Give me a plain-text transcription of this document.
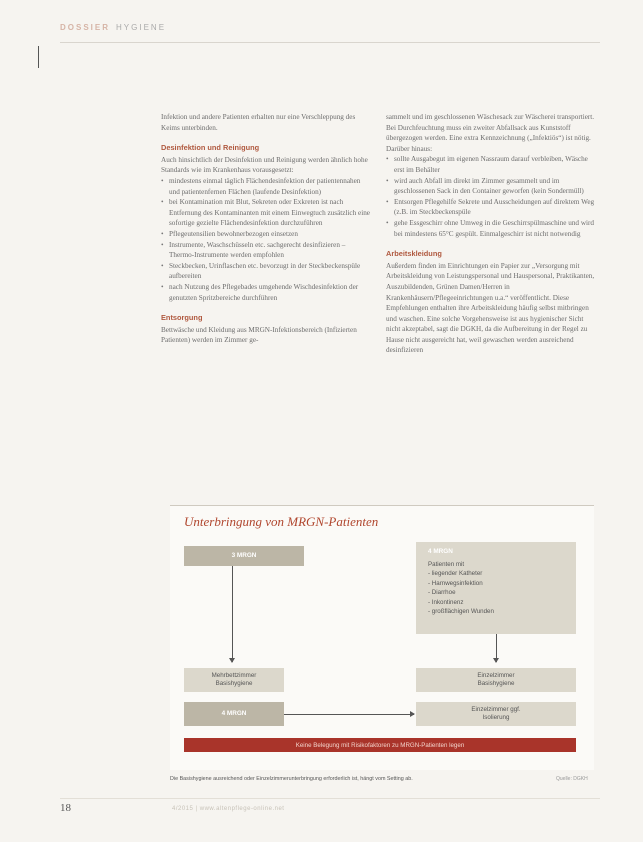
DOSSIER HYGIENE

Infektion und andere Patienten erhalten nur eine Verschleppung des Keims unterbinden.

Desinfektion und Reinigung

Auch hinsichtlich der Desinfektion und Reinigung werden ähnlich hohe Standards wie im Krankenhaus vorausgesetzt:

• mindestens einmal täglich Flächendesinfektion der patientennahen und patientenfernen Flächen (laufende Desinfektion)
• bei Kontamination mit Blut, Sekreten oder Exkreten ist nach Entfernung des Kontaminanten mit einem Einwegtuch zusätzlich eine sofortige gezielte Flächendesinfektion durchzuführen
• Pflegeutensilien bewohnerbezogen einsetzen
• Instrumente, Waschschüsseln etc. sachgerecht desinfizieren – Thermo-Instrumente werden empfohlen
• Steckbecken, Urinflaschen etc. bevorzugt in der Steckbeckenspüle aufbereiten
• nach Nutzung des Pflegebades umgehende Wischdesinfektion der genutzten Spritzbereiche durchführen
Entsorgung

Bettwäsche und Kleidung aus MRGN-Infektionsbereich (Infizierten Patienten) werden im Zimmer ge-

sammelt und im geschlossenen Wäschesack zur Wäscherei transportiert. Bei Durchfeuchtung muss ein zweiter Abfallsack aus Kunststoff übergezogen werden. Eine extra Kennzeichnung („Infektiös“) ist nötig. Darüber hinaus:

• sollte Ausgabegut im eigenen Nassraum darauf verbleiben, Wäsche erst im Behälter
• wird auch Abfall im direkt im Zimmer gesammelt und im geschlossenen Sack in den Container geworfen (kein Sondermüll)
• Entsorgen Pflegehilfe Sekrete und Ausscheidungen auf direktem Weg (z.B. im Steckbeckenspüle
• gehe Essgeschirr ohne Umweg in die Geschirrspülmaschine und wird bei mindestens 65°C gespült. Einmalgeschirr ist nicht notwendig
Arbeitskleidung

Außerdem finden im Einrichtungen ein Papier zur „Versorgung mit Arbeitskleidung von Leistungspersonal und Hauspersonal, Praktikanten, Auszubildenden, Grünen Damen/Herren in Krankenhäusern/Pflegeeinrichtungen u.a.“ veröffentlicht. Diese Empfehlungen enthalten ihre Arbeitskleidung häufig selbst mitbringen und waschen. Eine solche Vorgehensweise ist aus hygienischer Sicht nicht akzeptabel, sagt die DGKH, da die Aufbereitung in der Regel zu Hause nicht ausgereicht hat, weil gewaschen werden ausreichend desinfizieren

Unterbringung von MRGN-Patienten
3 MRGN
4 MRGN
Patienten mit
- liegender Katheter
- Harnwegsinfektion
- Diarrhoe
- Inkontinenz
- großflächigen Wunden
Mehrbettzimmer Basishygiene
Einzelzimmer Basishygiene
4 MRGN
Einzelzimmer ggf. Isolierung
Keine Belegung mit Risikofaktoren zu MRGN-Patienten legen
Die Basishygiene ausreichend oder Einzelzimmerunterbringung erforderlich ist, hängt vom Setting ab.	Quelle: DGKH
18	4/2015 | www.altenpflege-online.net
